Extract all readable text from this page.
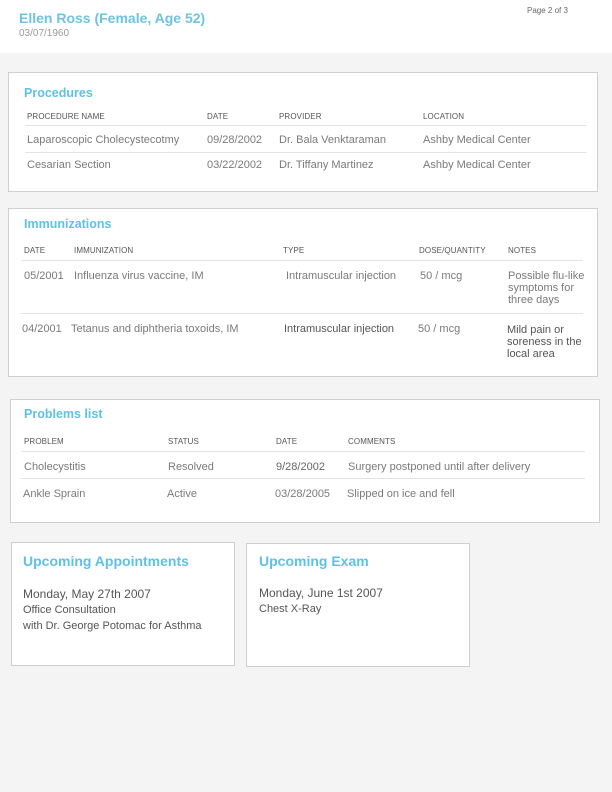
Ellen Ross (Female, Age 52)
03/07/1960
Page 2 of 3
Procedures
PROCEDURE NAME	DATE	PROVIDER	LOCATION
Laparoscopic Cholecystecotmy	09/28/2002 Dr. Bala Venktaraman	Ashby Medical Center
Cesarian Section	03/22/2002 Dr. Tiffany Martinez	Ashby Medical Center
Immunizations
DATE	IMMUNIZATION	TYPE	DOSE/QUANTITY	NOTES
05/2001 Influenza virus vaccine, IM	Intramuscular injection 50 / mcg	Possible flu-like symptoms for three days
04/2001 Tetanus and diphtheria toxoids, IM	Intramuscular injection 50 / mcg	Mild pain or soreness in the local area
Problems list
PROBLEM	STATUS	DATE	COMMENTS
Cholecystitis	Resolved	9/28/2002 Surgery postponed until after delivery
Ankle Sprain	Active	03/28/2005 Slipped on ice and fell
Upcoming Appointments
Monday, May 27th 2007
Office Consultation
with Dr. George Potomac for Asthma
Upcoming Exam
Monday, June 1st 2007
Chest X-Ray
